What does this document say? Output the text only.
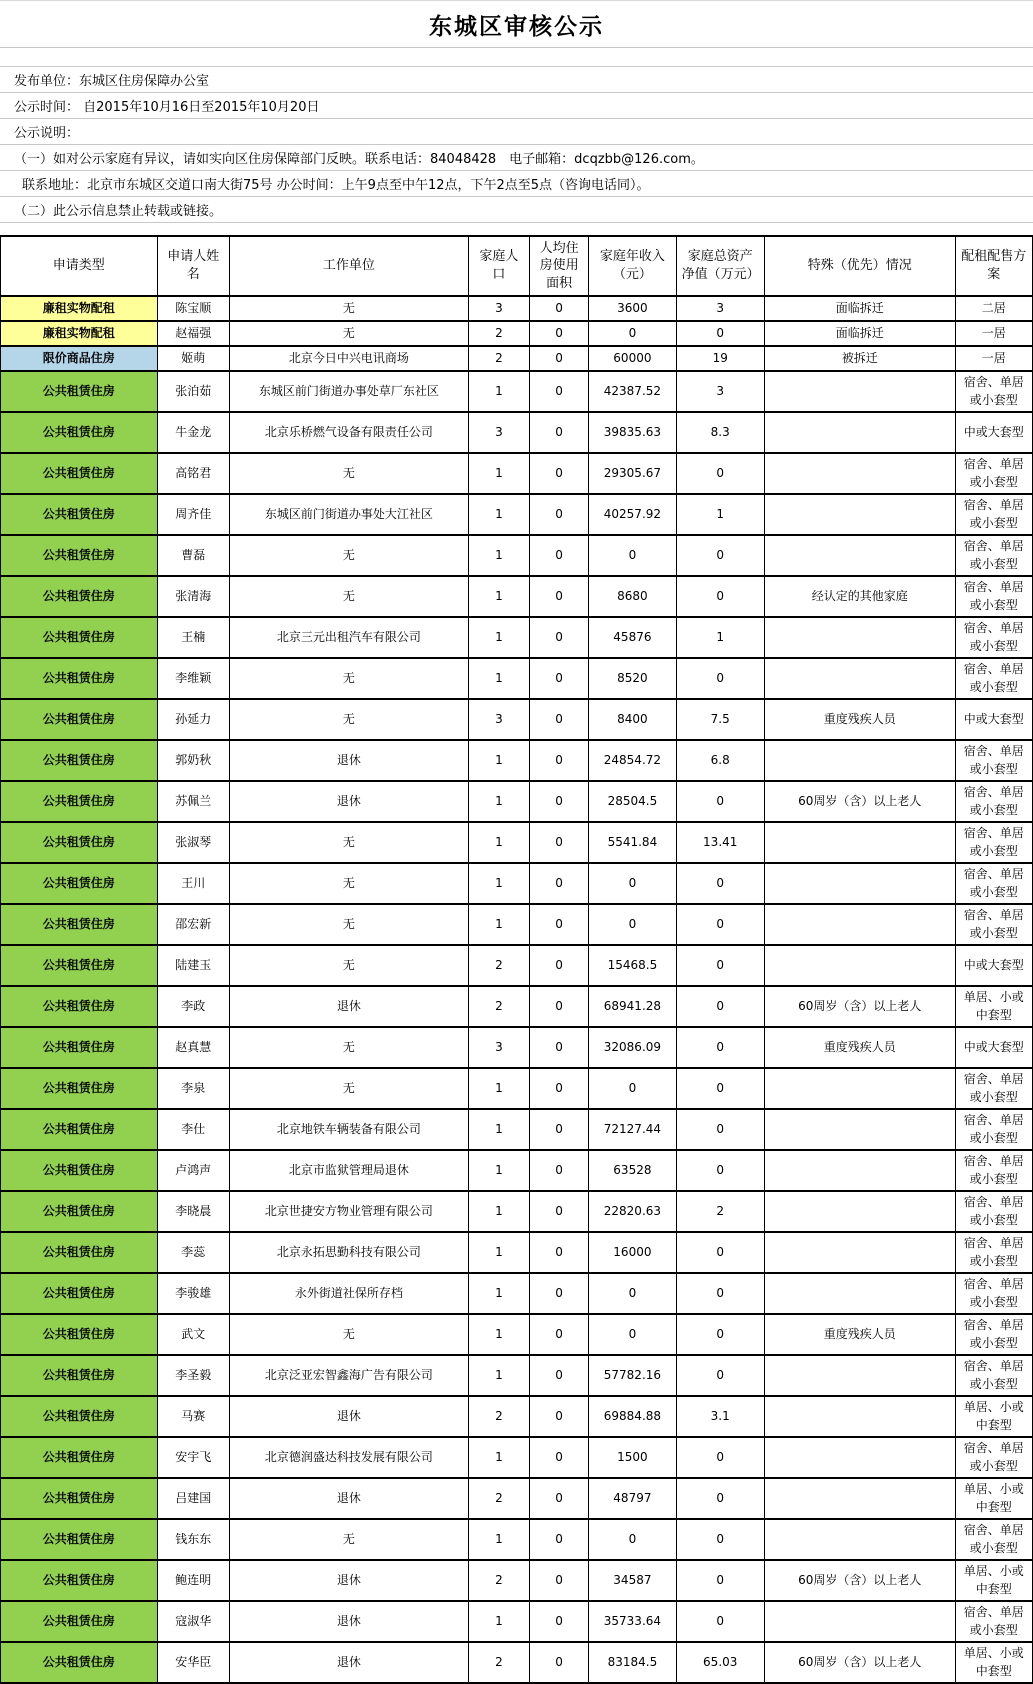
东城区审核公示
发布单位：东城区住房保障办公室
公示时间： 自2015年10月16日至2015年10月20日
公示说明：
（一）如对公示家庭有异议，请如实向区住房保障部门反映。联系电话：84048428　电子邮箱：dcqzbb@126.com。
联系地址：北京市东城区交道口南大街75号 办公时间：上午9点至中午12点，下午2点至5点（咨询电话同）。
（二）此公示信息禁止转载或链接。
申请类型	申请人姓名	工作单位	家庭人口	人均住房使用面积	家庭年收入（元）	家庭总资产净值（万元）	特殊（优先）情况	配租配售方案
廉租实物配租	陈宝顺	无	3	0	3600	3	面临拆迁	二居
廉租实物配租	赵福强	无	2	0	0	0	面临拆迁	一居
限价商品住房	姬萌	北京今日中兴电讯商场	2	0	60000	19	被拆迁	一居
公共租赁住房	张泊茹	东城区前门街道办事处草厂东社区	1	0	42387.52	3		宿舍、单居或小套型
公共租赁住房	牛金龙	北京乐桥燃气设备有限责任公司	3	0	39835.63	8.3		中或大套型
公共租赁住房	高铭君	无	1	0	29305.67	0		宿舍、单居或小套型
公共租赁住房	周齐佳	东城区前门街道办事处大江社区	1	0	40257.92	1		宿舍、单居或小套型
公共租赁住房	曹磊	无	1	0	0	0		宿舍、单居或小套型
公共租赁住房	张清海	无	1	0	8680	0	经认定的其他家庭	宿舍、单居或小套型
公共租赁住房	王楠	北京三元出租汽车有限公司	1	0	45876	1		宿舍、单居或小套型
公共租赁住房	李维颖	无	1	0	8520	0		宿舍、单居或小套型
公共租赁住房	孙延力	无	3	0	8400	7.5	重度残疾人员	中或大套型
公共租赁住房	郭奶秋	退休	1	0	24854.72	6.8		宿舍、单居或小套型
公共租赁住房	苏佩兰	退休	1	0	28504.5	0	60周岁（含）以上老人	宿舍、单居或小套型
公共租赁住房	张淑琴	无	1	0	5541.84	13.41		宿舍、单居或小套型
公共租赁住房	王川	无	1	0	0	0		宿舍、单居或小套型
公共租赁住房	邵宏新	无	1	0	0	0		宿舍、单居或小套型
公共租赁住房	陆建玉	无	2	0	15468.5	0		中或大套型
公共租赁住房	李政	退休	2	0	68941.28	0	60周岁（含）以上老人	单居、小或中套型
公共租赁住房	赵真慧	无	3	0	32086.09	0	重度残疾人员	中或大套型
公共租赁住房	李泉	无	1	0	0	0		宿舍、单居或小套型
公共租赁住房	李仕	北京地铁车辆装备有限公司	1	0	72127.44	0		宿舍、单居或小套型
公共租赁住房	卢鸿声	北京市监狱管理局退休	1	0	63528	0		宿舍、单居或小套型
公共租赁住房	李晓晨	北京世捷安方物业管理有限公司	1	0	22820.63	2		宿舍、单居或小套型
公共租赁住房	李蕊	北京永拓思勤科技有限公司	1	0	16000	0		宿舍、单居或小套型
公共租赁住房	李骏雄	永外街道社保所存档	1	0	0	0		宿舍、单居或小套型
公共租赁住房	武文	无	1	0	0	0	重度残疾人员	宿舍、单居或小套型
公共租赁住房	李圣毅	北京泛亚宏智鑫海广告有限公司	1	0	57782.16	0		宿舍、单居或小套型
公共租赁住房	马赛	退休	2	0	69884.88	3.1		单居、小或中套型
公共租赁住房	安宇飞	北京德润盛达科技发展有限公司	1	0	1500	0		宿舍、单居或小套型
公共租赁住房	吕建国	退休	2	0	48797	0		单居、小或中套型
公共租赁住房	钱东东	无	1	0	0	0		宿舍、单居或小套型
公共租赁住房	鲍连明	退休	2	0	34587	0	60周岁（含）以上老人	单居、小或中套型
公共租赁住房	寇淑华	退休	1	0	35733.64	0		宿舍、单居或小套型
公共租赁住房	安华臣	退休	2	0	83184.5	65.03	60周岁（含）以上老人	单居、小或中套型
